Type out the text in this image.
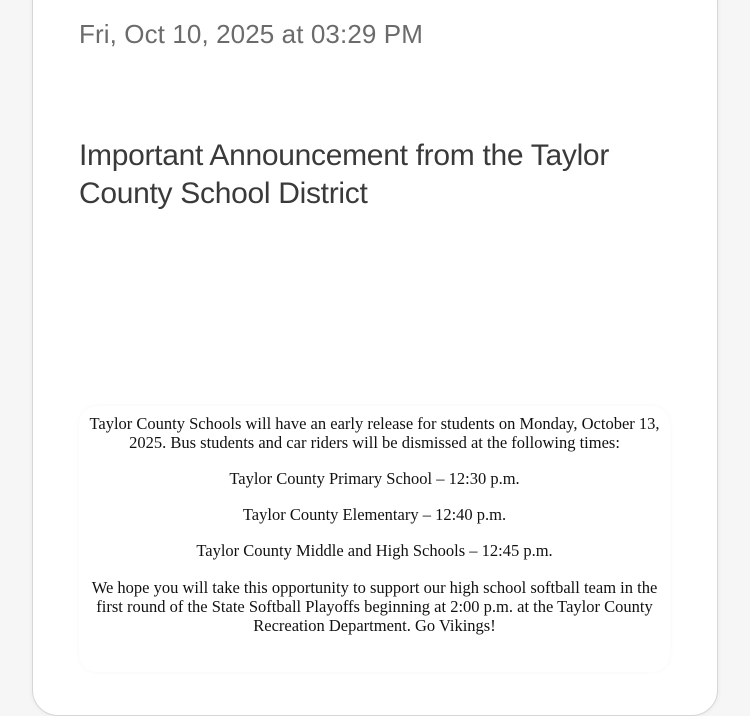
Fri, Oct 10, 2025 at 03:29 PM

Important Announcement from the Taylor County School District

Taylor County Schools will have an early release for students on Monday, October 13, 2025. Bus students and car riders will be dismissed at the following times:

Taylor County Primary School – 12:30 p.m.

Taylor County Elementary – 12:40 p.m.

Taylor County Middle and High Schools – 12:45 p.m.

We hope you will take this opportunity to support our high school softball team in the first round of the State Softball Playoffs beginning at 2:00 p.m. at the Taylor County Recreation Department. Go Vikings!
